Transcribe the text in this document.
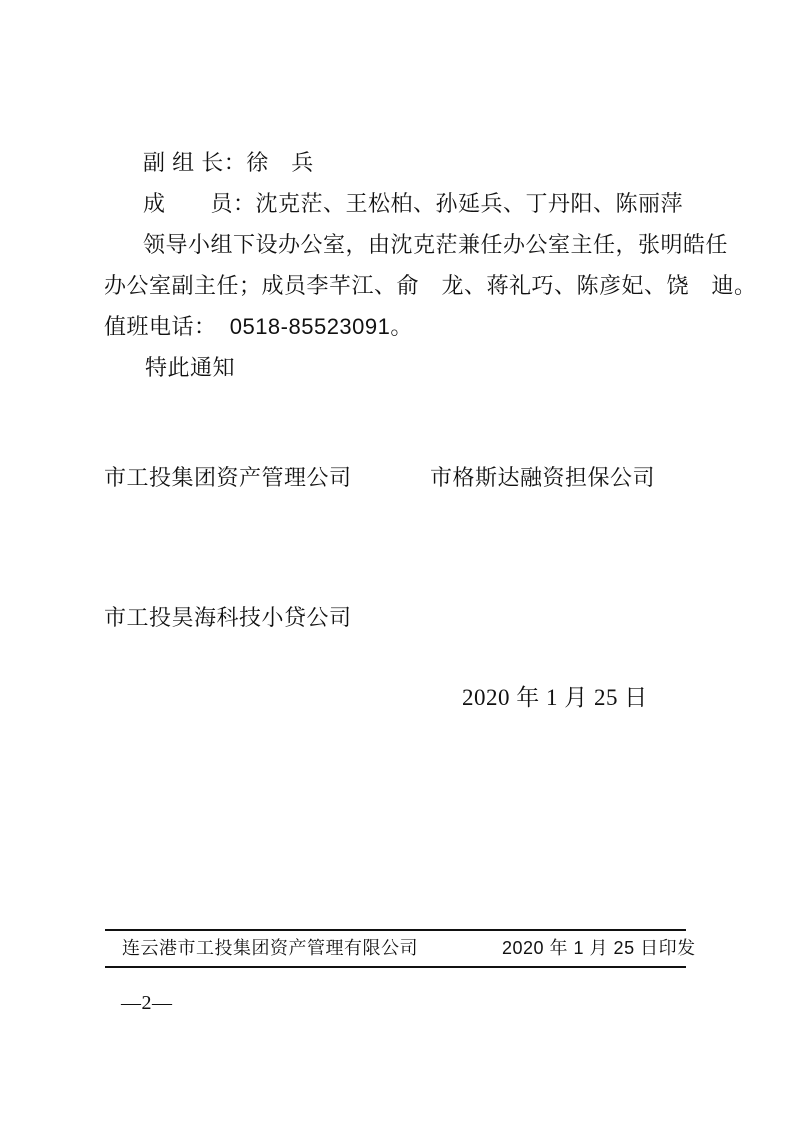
副 组 长：徐　兵
成　　员：沈克茫、王松柏、孙延兵、丁丹阳、陈丽萍
领导小组下设办公室，由沈克茫兼任办公室主任，张明皓任
办公室副主任；成员李芊江、俞　龙、蒋礼巧、陈彦妃、饶　迪。
值班电话：  0518-85523091。
特此通知
市工投集团资产管理公司	市格斯达融资担保公司
市工投昊海科技小贷公司
2020 年 1 月 25 日
连云港市工投集团资产管理有限公司	2020 年 1 月 25 日印发
—2—
